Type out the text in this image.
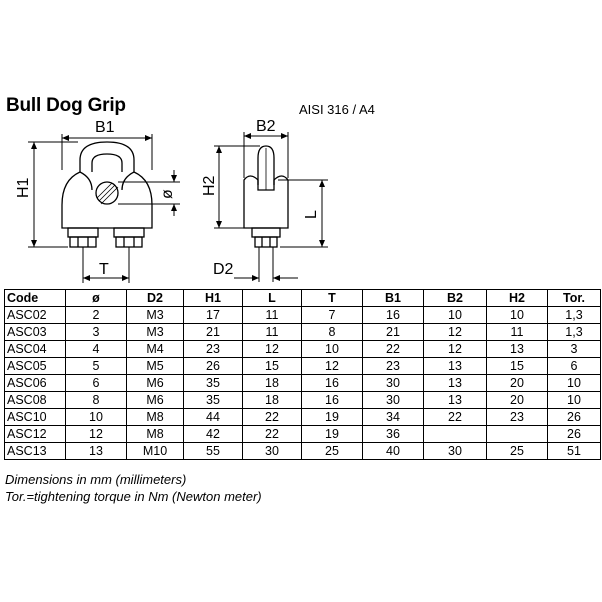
Bull Dog Grip	AISI 316 / A4
B1
H1	ø
T
B2
H2
L
D2
Code	ø	D2	H1	L	T	B1	B2	H2	Tor.
ASC02	2	M3	17	11	7	16	10	10	1,3
ASC03	3	M3	21	11	8	21	12	11	1,3
ASC04	4	M4	23	12	10	22	12	13	3
ASC05	5	M5	26	15	12	23	13	15	6
ASC06	6	M6	35	18	16	30	13	20	10
ASC08	8	M6	35	18	16	30	13	20	10
ASC10	10	M8	44	22	19	34	22	23	26
ASC12	12	M8	42	22	19	36			26
ASC13	13	M10	55	30	25	40	30	25	51
Dimensions in mm (millimeters)
Tor.=tightening torque in Nm (Newton meter)
